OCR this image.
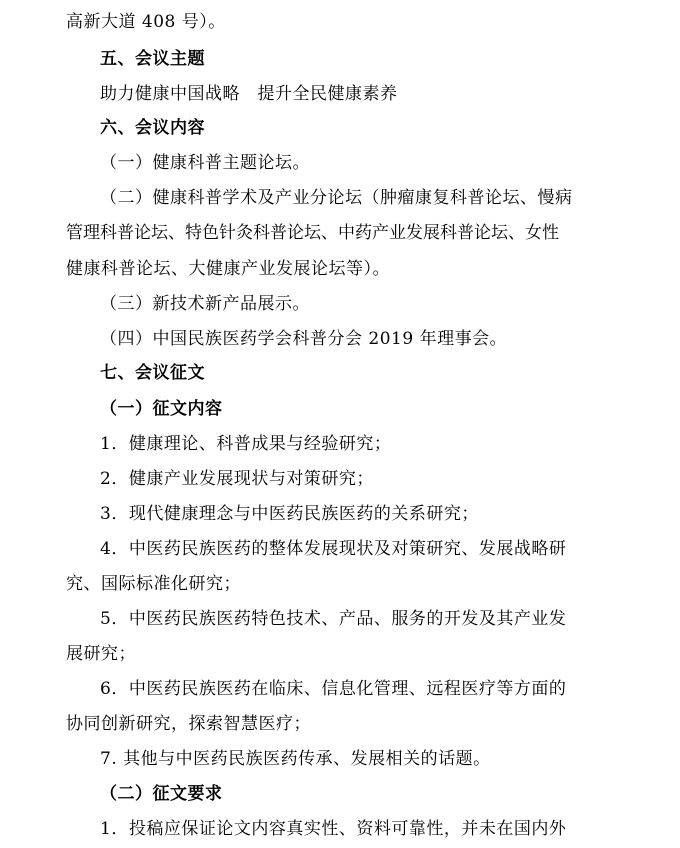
高新大道 408 号）。
五、会议主题
助力健康中国战略　提升全民健康素养
六、会议内容
（一）健康科普主题论坛。
（二）健康科普学术及产业分论坛（肿瘤康复科普论坛、慢病
管理科普论坛、特色针灸科普论坛、中药产业发展科普论坛、女性
健康科普论坛、大健康产业发展论坛等）。
（三）新技术新产品展示。
（四）中国民族医药学会科普分会 2019 年理事会。
七、会议征文
（一）征文内容
1．健康理论、科普成果与经验研究；
2．健康产业发展现状与对策研究；
3．现代健康理念与中医药民族医药的关系研究；
4．中医药民族医药的整体发展现状及对策研究、发展战略研
究、国际标准化研究；
5．中医药民族医药特色技术、产品、服务的开发及其产业发
展研究；
6．中医药民族医药在临床、信息化管理、远程医疗等方面的
协同创新研究，探索智慧医疗；
7. 其他与中医药民族医药传承、发展相关的话题。
（二）征文要求
1．投稿应保证论文内容真实性、资料可靠性，并未在国内外
